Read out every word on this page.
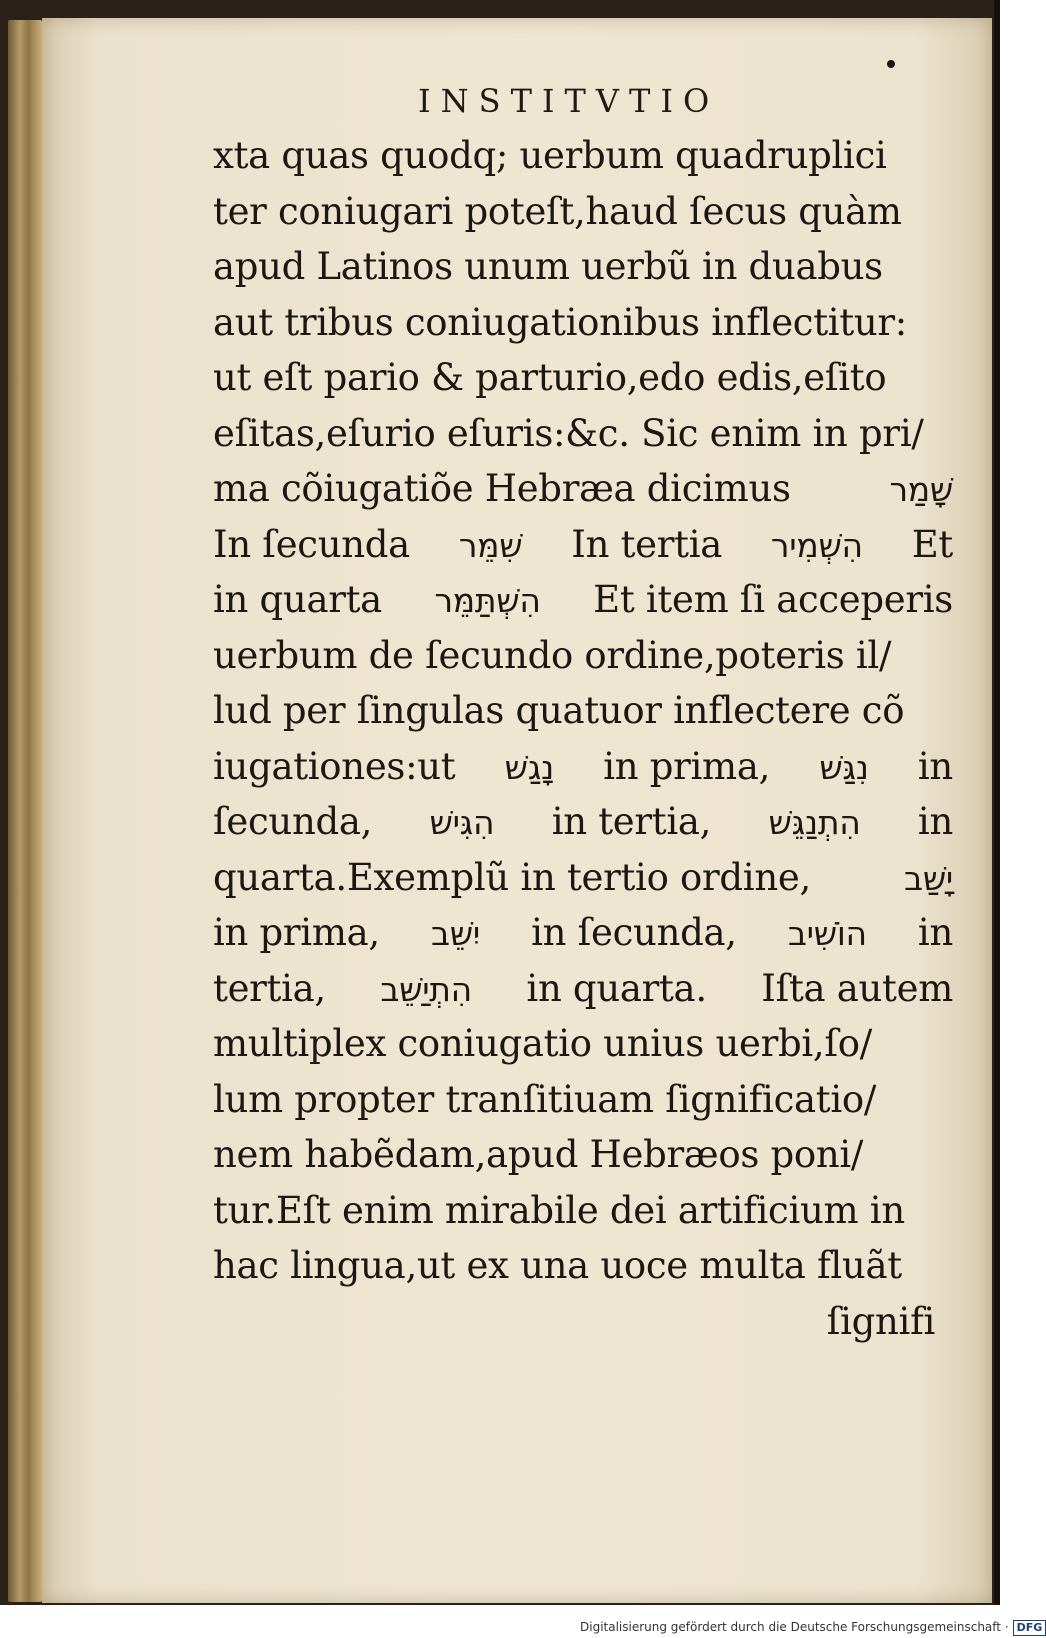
INSTITVTIO
xta quas quodq; uerbum quadruplici
ter coniugari poteſt,haud ſecus quàm
apud Latinos unum uerbũ in duabus
aut tribus coniugationibus inflectitur:
ut eſt pario & parturio,edo edis,eſito
eſitas,eſurio eſuris:&c. Sic enim in pri/
ma cõiugatiõe Hebræa dicimus	שָׁמַר
In ſecunda שִׁמֵּר In tertia הִשְׁמִיר Et
in quarta הִשְׁתַּמֵּר Et item ſi acceperis
uerbum de ſecundo ordine,poteris il/
lud per ſingulas quatuor inflectere cõ
iugationes:ut נָגַשׁ in prima, נִגַּשׁ in
ſecunda, הִגִּישׁ in tertia, הִתְנַגֵּשׁ in
quarta.Exemplũ in tertio ordine,	יָשַׁב
in prima, יִשֵּׁב in ſecunda, הוֹשִׁיב in
tertia, הִתְיַשֵּׁב in quarta. Iſta autem
multiplex coniugatio unius uerbi,ſo/
lum propter tranſitiuam ſignificatio/
nem habẽdam,apud Hebræos poni/
tur.Eſt enim mirabile dei artificium in
hac lingua,ut ex una uoce multa fluãt
ſignifi
Digitalisierung gefördert durch die Deutsche Forschungsgemeinschaft · DFG
